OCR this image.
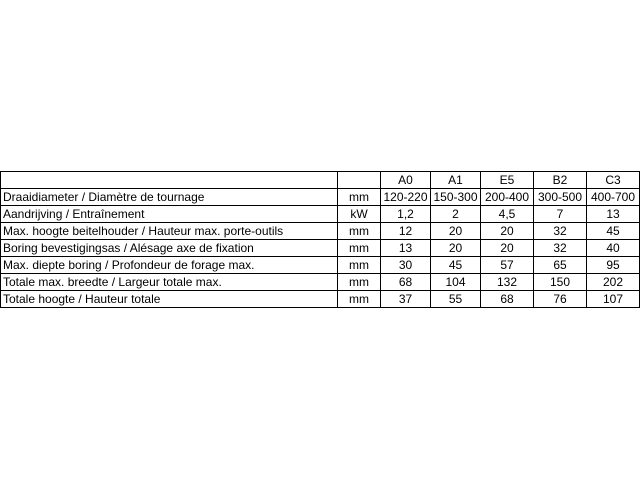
		A0	A1	E5	B2	C3
Draaidiameter / Diamètre de tournage	mm	120-220	150-300	200-400	300-500	400-700
Aandrijving / Entraînement	kW	1,2	2	4,5	7	13
Max. hoogte beitelhouder / Hauteur max. porte-outils	mm	12	20	20	32	45
Boring bevestigingsas / Alésage axe de fixation	mm	13	20	20	32	40
Max. diepte boring / Profondeur de forage max.	mm	30	45	57	65	95
Totale max. breedte / Largeur totale max.	mm	68	104	132	150	202
Totale hoogte / Hauteur totale	mm	37	55	68	76	107
